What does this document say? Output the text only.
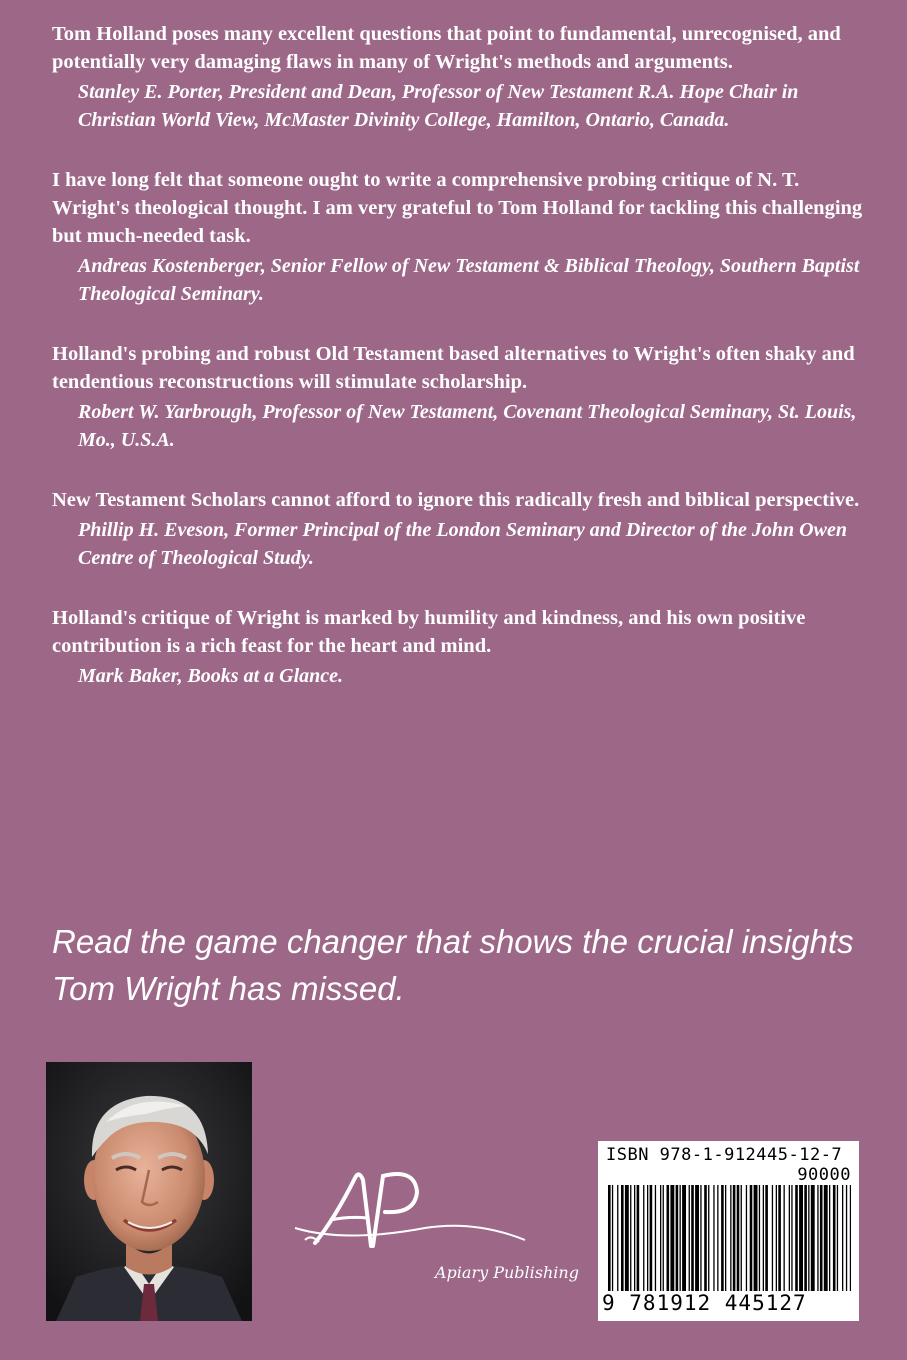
Tom Holland poses many excellent questions that point to fundamental, unrecognised, and potentially very damaging flaws in many of Wright's methods and arguments.

Stanley E. Porter, President and Dean, Professor of New Testament R.A. Hope Chair in Christian World View, McMaster Divinity College, Hamilton, Ontario, Canada.

I have long felt that someone ought to write a comprehensive probing critique of N. T. Wright's theological thought. I am very grateful to Tom Holland for tackling this challenging but much-needed task.

Andreas Kostenberger, Senior Fellow of New Testament & Biblical Theology, Southern Baptist Theological Seminary.

Holland's probing and robust Old Testament based alternatives to Wright's often shaky and tendentious reconstructions will stimulate scholarship.

Robert W. Yarbrough, Professor of New Testament, Covenant Theological Seminary, St. Louis, Mo., U.S.A.

New Testament Scholars cannot afford to ignore this radically fresh and biblical perspective.

Phillip H. Eveson, Former Principal of the London Seminary and Director of the John Owen Centre of Theological Study.

Holland's critique of Wright is marked by humility and kindness, and his own positive contribution is a rich feast for the heart and mind.

Mark Baker, Books at a Glance.

Read the game changer that shows the crucial insights Tom Wright has missed.

Apiary Publishing
ISBN 978-1-912445-12-7
90000
9 781912 445127
